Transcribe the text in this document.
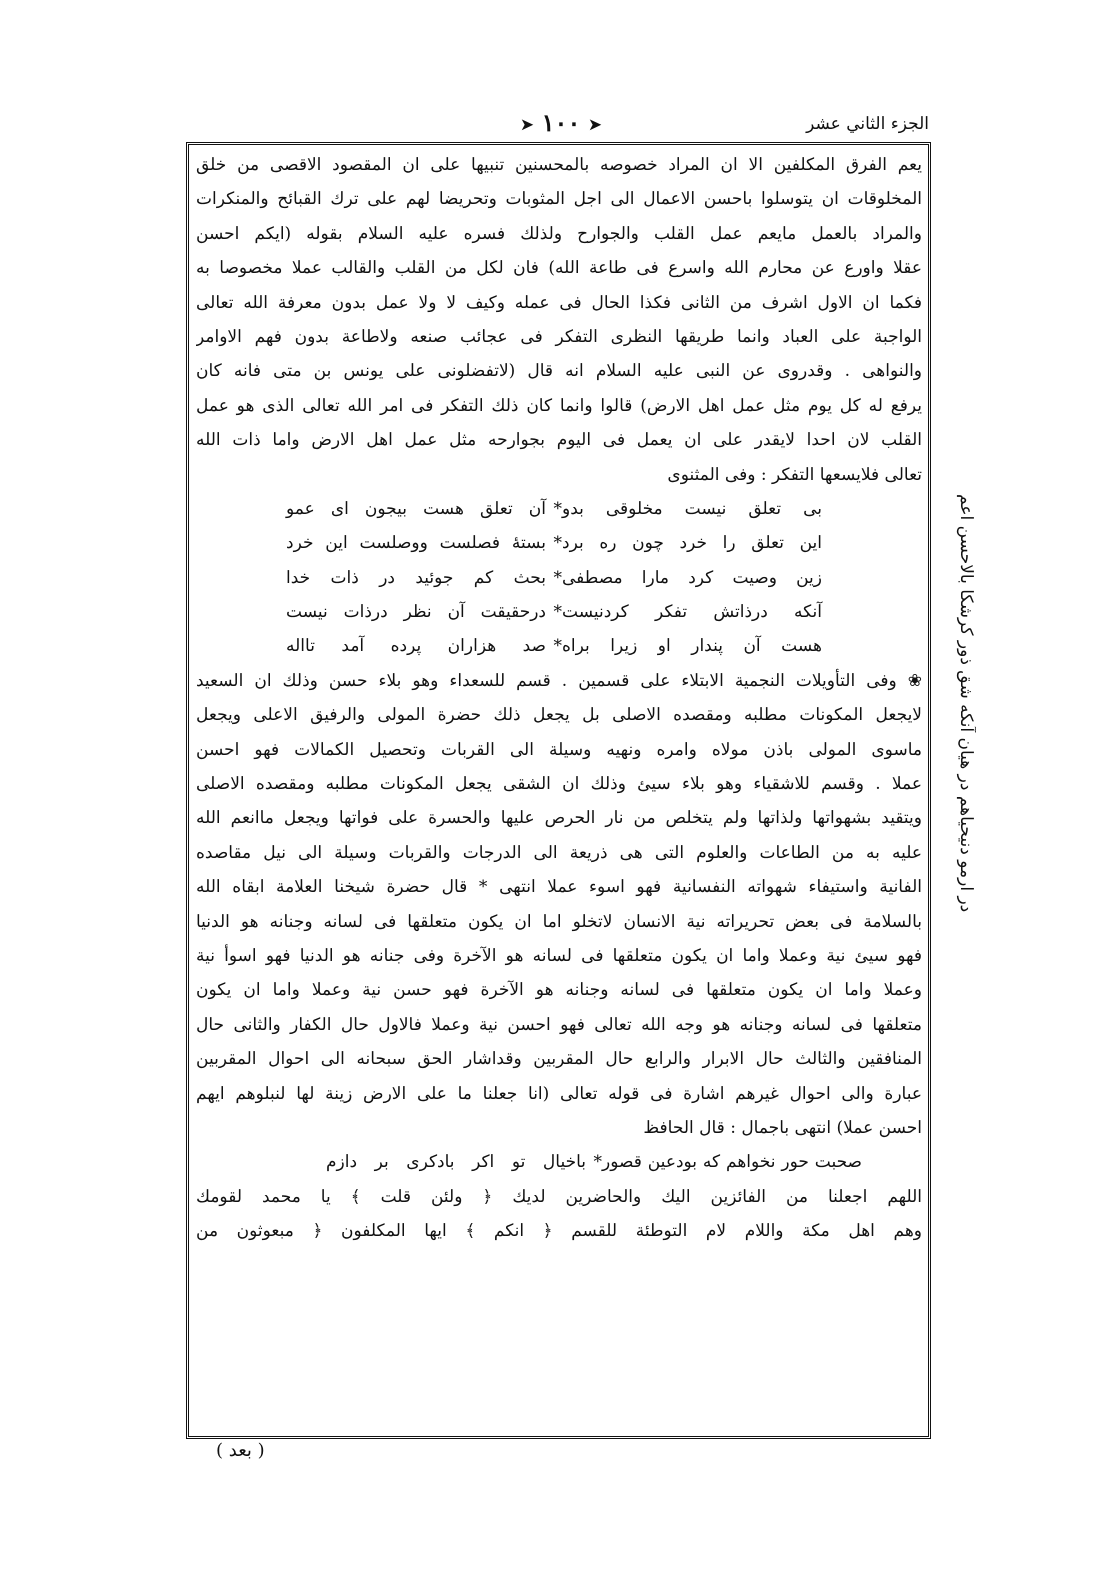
➤ ١٠٠ ➤	الجزء الثاني عشر
يعم الفرق المكلفين الا ان المراد خصوصه بالمحسنين تنبيها على ان المقصود الاقصى من خلق
المخلوقات ان يتوسلوا باحسن الاعمال الى اجل المثوبات وتحريضا لهم على ترك القبائح والمنكرات
والمراد بالعمل مايعم عمل القلب والجوارح ولذلك فسره عليه السلام بقوله (ايكم احسن
عقلا واورع عن محارم الله واسرع فى طاعة الله) فان لكل من القلب والقالب عملا مخصوصا به
فكما ان الاول اشرف من الثانى فكذا الحال فى عمله وكيف لا ولا عمل بدون معرفة الله تعالى
الواجبة على العباد وانما طريقها النظرى التفكر فى عجائب صنعه ولاطاعة بدون فهم الاوامر
والنواهى . وقدروى عن النبى عليه السلام انه قال (لاتفضلونى على يونس بن متى فانه كان
يرفع له كل يوم مثل عمل اهل الارض) قالوا وانما كان ذلك التفكر فى امر الله تعالى الذى هو عمل
القلب لان احدا لايقدر على ان يعمل فى اليوم بجوارحه مثل عمل اهل الارض واما ذات الله
تعالى فلايسعها التفكر : وفى المثنوى
بى تعلق نيست مخلوقى بدو
*
آن تعلق هست بيجون اى عمو
اين تعلق را خرد چون ره برد
*
بستهٔ فصلست ووصلست اين خرد
زين وصيت كرد مارا مصطفى
*
بحث كم جوئيد در ذات خدا
آنكه درذاتش تفكر كردنيست
*
درحقيقت آن نظر درذات نيست
هست آن پندار او زيرا براه
*
صد هزاران پرده آمد تااله
❀ وفى التأويلات النجمية الابتلاء على قسمين . قسم للسعداء وهو بلاء حسن وذلك ان السعيد
لايجعل المكونات مطلبه ومقصده الاصلى بل يجعل ذلك حضرة المولى والرفيق الاعلى ويجعل
ماسوى المولى باذن مولاه وامره ونهيه وسيلة الى القربات وتحصيل الكمالات فهو احسن
عملا . وقسم للاشقياء وهو بلاء سيئ وذلك ان الشقى يجعل المكونات مطلبه ومقصده الاصلى
ويتقيد بشهواتها ولذاتها ولم يتخلص من نار الحرص عليها والحسرة على فواتها ويجعل ماانعم الله
عليه به من الطاعات والعلوم التى هى ذريعة الى الدرجات والقربات وسيلة الى نيل مقاصده
الفانية واستيفاء شهواته النفسانية فهو اسوء عملا انتهى * قال حضرة شيخنا العلامة ابقاه الله
بالسلامة فى بعض تحريراته نية الانسان لاتخلو اما ان يكون متعلقها فى لسانه وجنانه هو الدنيا
فهو سيئ نية وعملا واما ان يكون متعلقها فى لسانه هو الآخرة وفى جنانه هو الدنيا فهو اسوأ نية
وعملا واما ان يكون متعلقها فى لسانه وجنانه هو الآخرة فهو حسن نية وعملا واما ان يكون
متعلقها فى لسانه وجنانه هو وجه الله تعالى فهو احسن نية وعملا فالاول حال الكفار والثانى حال
المنافقين والثالث حال الابرار والرابع حال المقربين وقداشار الحق سبحانه الى احوال المقربين
عبارة والى احوال غيرهم اشارة فى قوله تعالى (انا جعلنا ما على الارض زينة لها لنبلوهم ايهم
احسن عملا) انتهى باجمال : قال الحافظ
صحبت حور نخواهم كه بودعين قصور
*
باخيال تو اكر بادكرى بر دازم
اللهم اجعلنا من الفائزين اليك والحاضرين لديك ﴿ ولئن قلت ﴾ يا محمد لقومك
وهم اهل مكة واللام لام التوطئة للقسم ﴿ انكم ﴾ ايها المكلفون ﴿ مبعوثون من
در ارمو دنیحیاهم در هیان آنکه شق ذور کرشکا بالاحسن اعم
( بعد )
